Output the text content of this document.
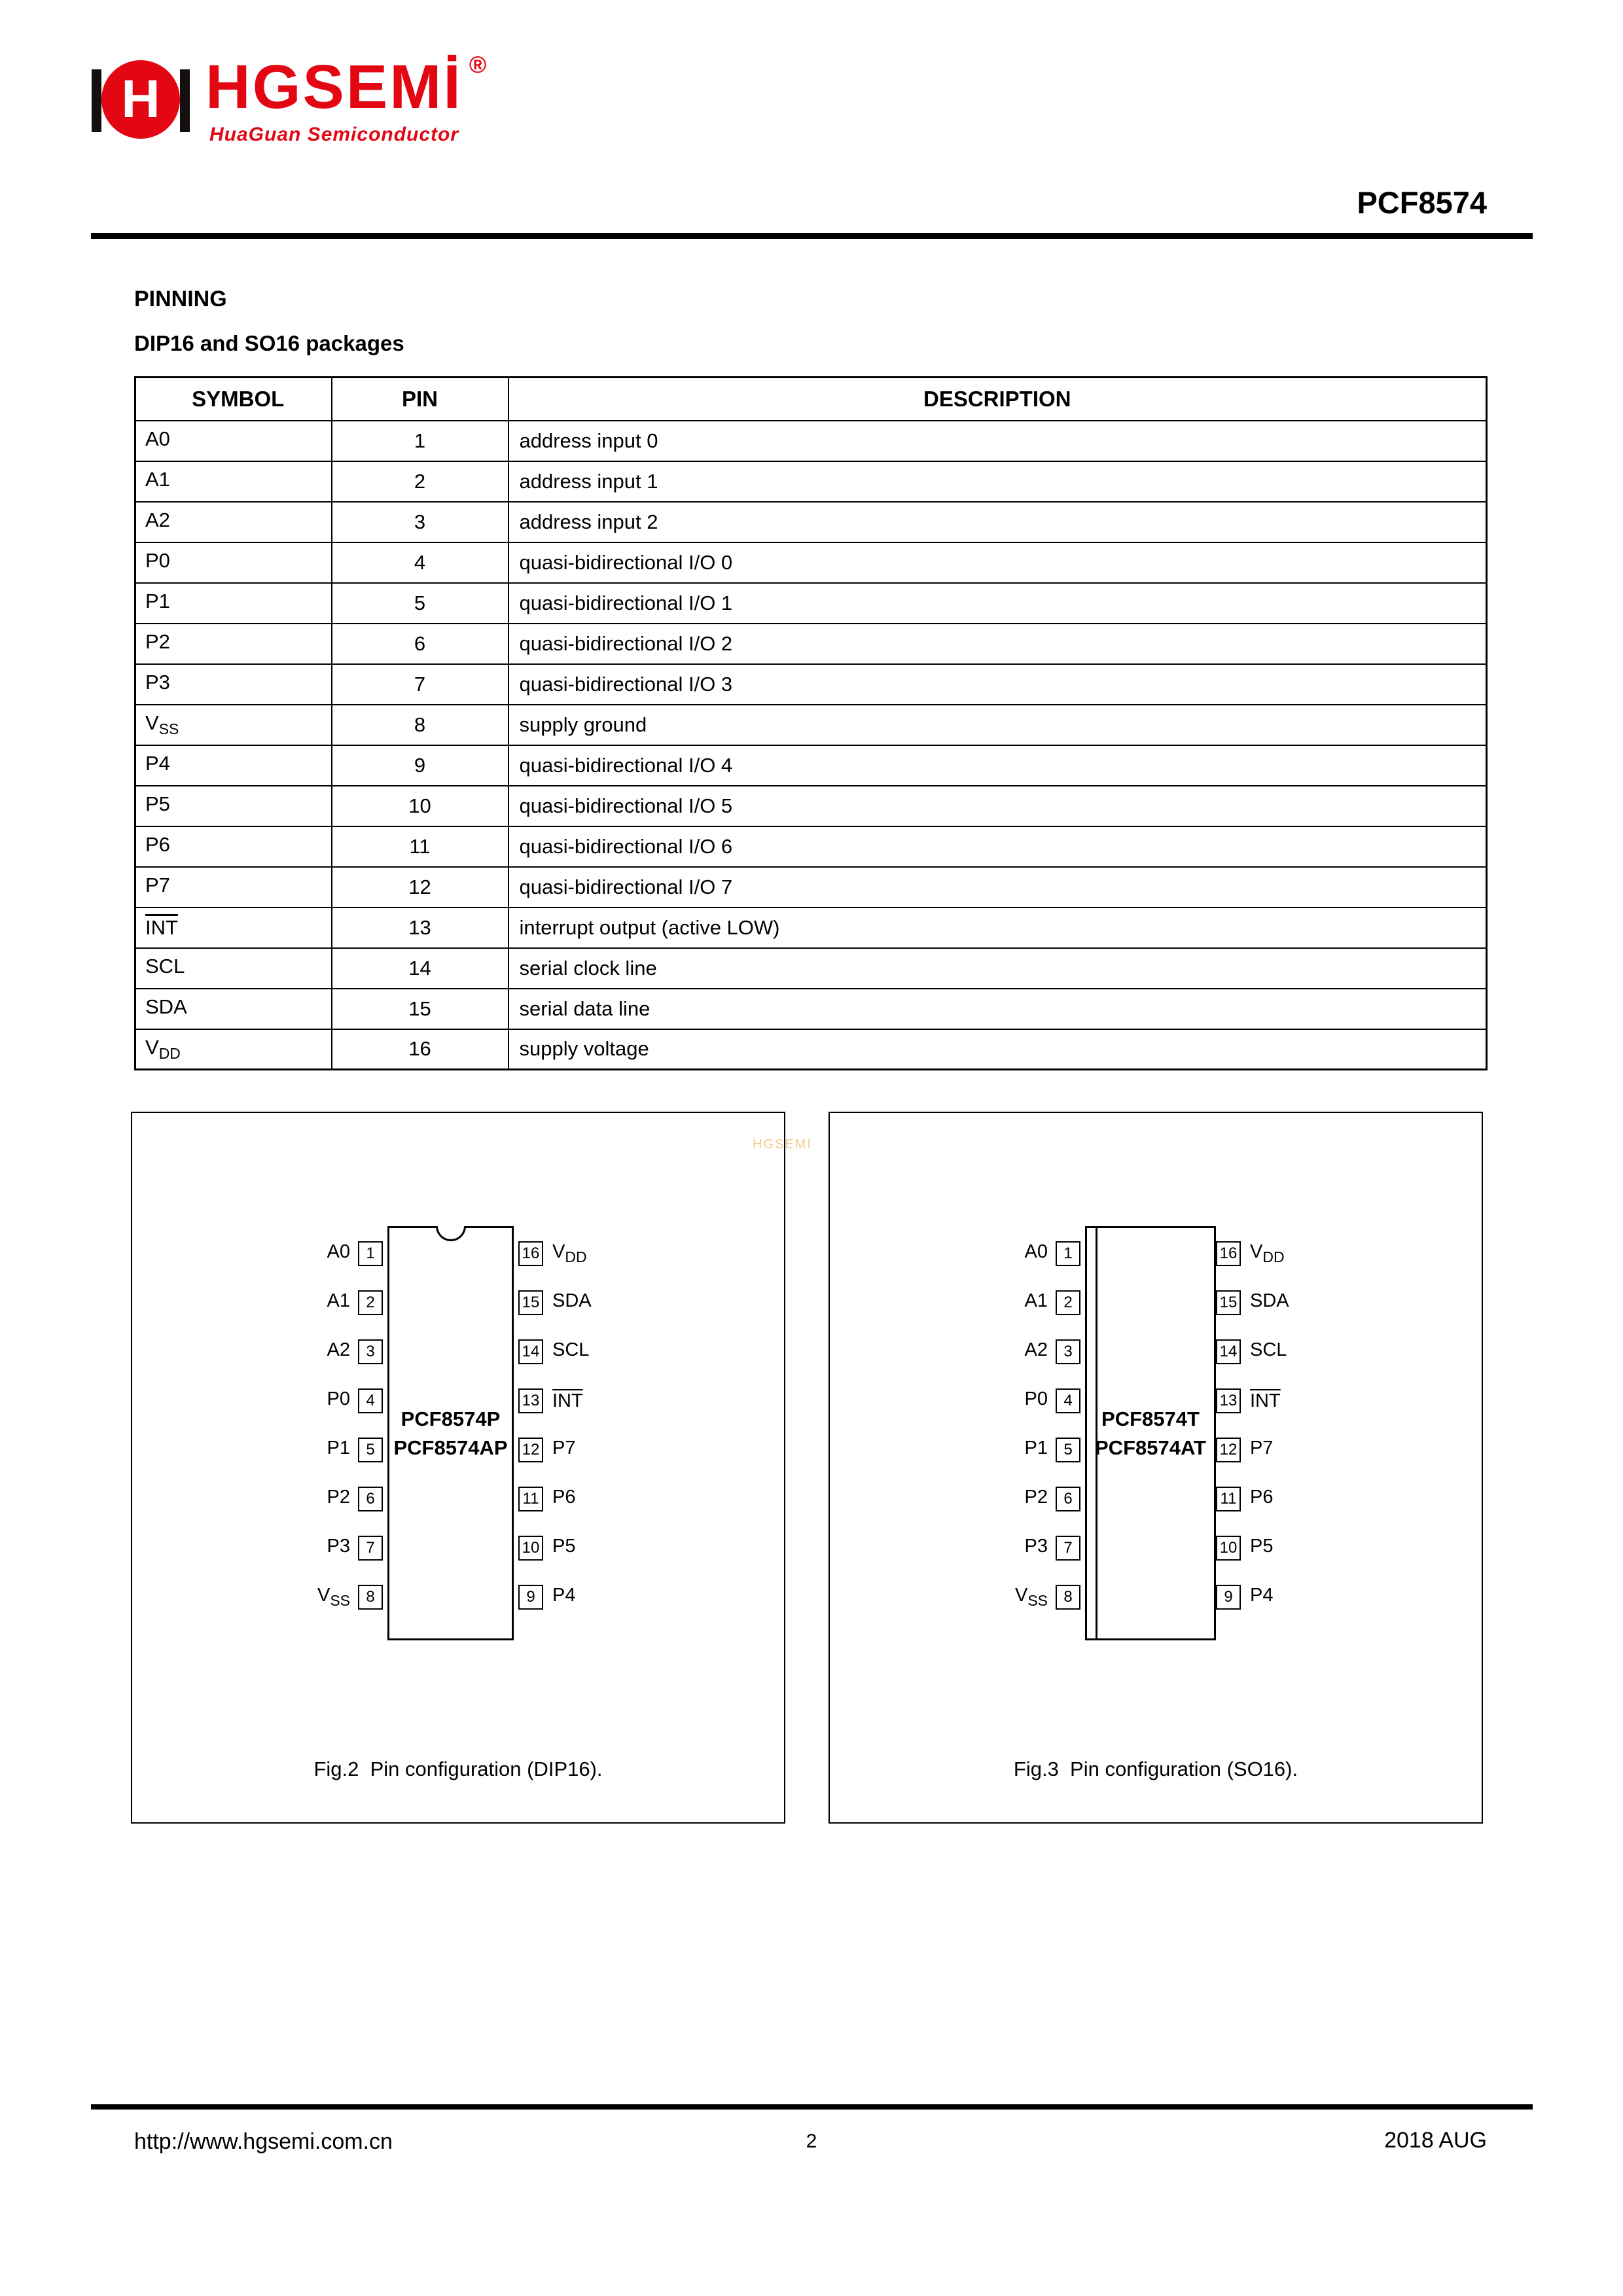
H HGSEMİ ®
HuaGuan Semiconductor
PCF8574
PINNING
DIP16 and SO16 packages
SYMBOL	PIN	DESCRIPTION
A0	1	address input 0
A1	2	address input 1
A2	3	address input 2
P0	4	quasi-bidirectional I/O 0
P1	5	quasi-bidirectional I/O 1
P2	6	quasi-bidirectional I/O 2
P3	7	quasi-bidirectional I/O 3
$V_{SS}$	8	supply ground
P4	9	quasi-bidirectional I/O 4
P5	10	quasi-bidirectional I/O 5
P6	11	quasi-bidirectional I/O 6
P7	12	quasi-bidirectional I/O 7
$\overline{INT}$	13	interrupt output (active LOW)
SCL	14	serial clock line
SDA	15	serial data line
$V_{DD}$	16	supply voltage
HGSEMI
PCF8574P
PCF8574AP
A0	1
A1	2
A2	3
P0	4
P1	5
P2	6
P3	7
$V_{SS}$	8
16 $V_{DD}$
15 SDA
14 SCL
13 $\overline{INT}$
12 P7
11 P6
10 P5
9 P4
Fig.2  Pin configuration (DIP16).
PCF8574T
PCF8574AT
A0	1
A1	2
A2	3
P0	4
P1	5
P2	6
P3	7
$V_{SS}$	8
16 $V_{DD}$
15 SDA
14 SCL
13 $\overline{INT}$
12 P7
11 P6
10 P5
9 P4
Fig.3  Pin configuration (SO16).
http://www.hgsemi.com.cn	2	2018 AUG
